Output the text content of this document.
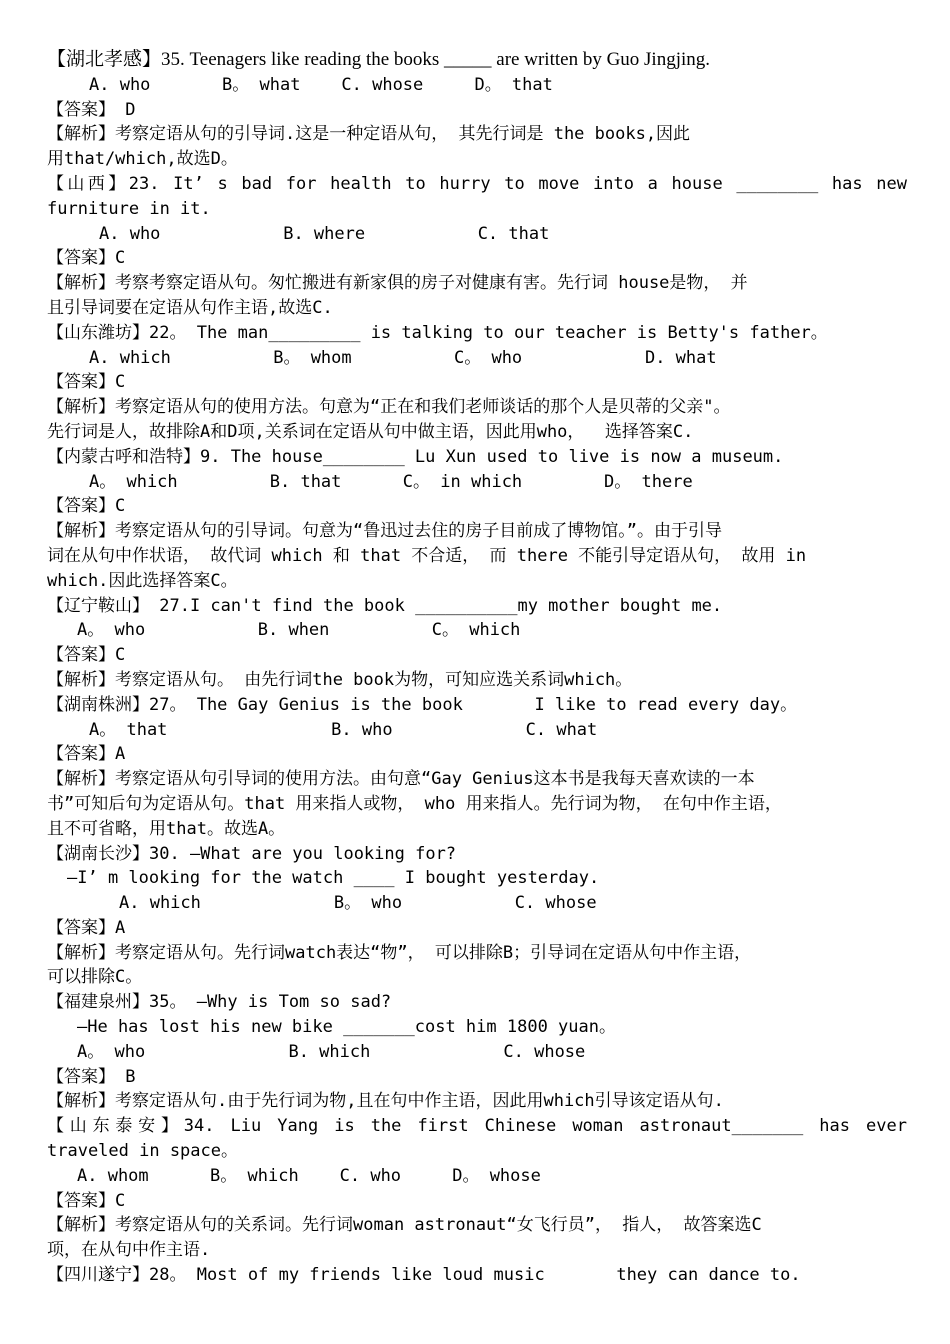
【湖北孝感】35. Teenagers like reading the books _____ are written by Guo Jingjing.
A. who       B。 what    C. whose     D。 that
【答案】 D
【解析】考察定语从句的引导词.这是一种定语从句， 其先行词是 the books,因此
用that/which,故选D。
【山西】23. It’ s bad for health to hurry to move into a house ________ has new
furniture in it.
A. who            B. where           C. that
【答案】C
【解析】考察考察定语从句。匆忙搬进有新家俱的房子对健康有害。先行词 house是物， 并
且引导词要在定语从句作主语,故选C.
【山东潍坊】22。 The man_________ is talking to our teacher is Betty's father。
A. which          B。 whom          C。 who            D. what
【答案】C
【解析】考察定语从句的使用方法。句意为“正在和我们老师谈话的那个人是贝蒂的父亲"。
先行词是人，故排除A和D项,关系词在定语从句中做主语，因此用who，  选择答案C.
【内蒙古呼和浩特】9. The house________ Lu Xun used to live is now a museum.
A。 which         B. that      C。 in which        D。 there
【答案】C
【解析】考察定语从句的引导词。句意为“鲁迅过去住的房子目前成了博物馆。”。由于引导
词在从句中作状语， 故代词 which 和 that 不合适， 而 there 不能引导定语从句， 故用 in
which.因此选择答案C。
【辽宁鞍山】 27.I can't find the book __________my mother bought me.
A。 who           B. when          C。 which
【答案】C
【解析】考察定语从句。 由先行词the book为物，可知应选关系词which。
【湖南株洲】27。 The Gay Genius is the book       I like to read every day。
A。 that                B. who             C. what
【答案】A
【解析】考察定语从句引导词的使用方法。由句意“Gay Genius这本书是我每天喜欢读的一本
书”可知后句为定语从句。that 用来指人或物， who 用来指人。先行词为物， 在句中作主语，
且不可省略，用that。故选A。
【湖南长沙】30. —What are you looking for?
—I’ m looking for the watch ____ I bought yesterday.
A. which             B。 who           C. whose
【答案】A
【解析】考察定语从句。先行词watch表达“物”， 可以排除B；引导词在定语从句中作主语，
可以排除C。
【福建泉州】35。 —Why is Tom so sad?
—He has lost his new bike _______cost him 1800 yuan。
A。 who              B. which             C. whose
【答案】 B
【解析】考察定语从句.由于先行词为物,且在句中作主语，因此用which引导该定语从句.
【山东泰安】34. Liu Yang is the first Chinese woman astronaut_______ has ever
traveled in space。
A. whom      B。 which    C. who     D。 whose
【答案】C
【解析】考察定语从句的关系词。先行词woman astronaut“女飞行员”， 指人， 故答案选C
项，在从句中作主语.
【四川遂宁】28。 Most of my friends like loud music       they can dance to.
